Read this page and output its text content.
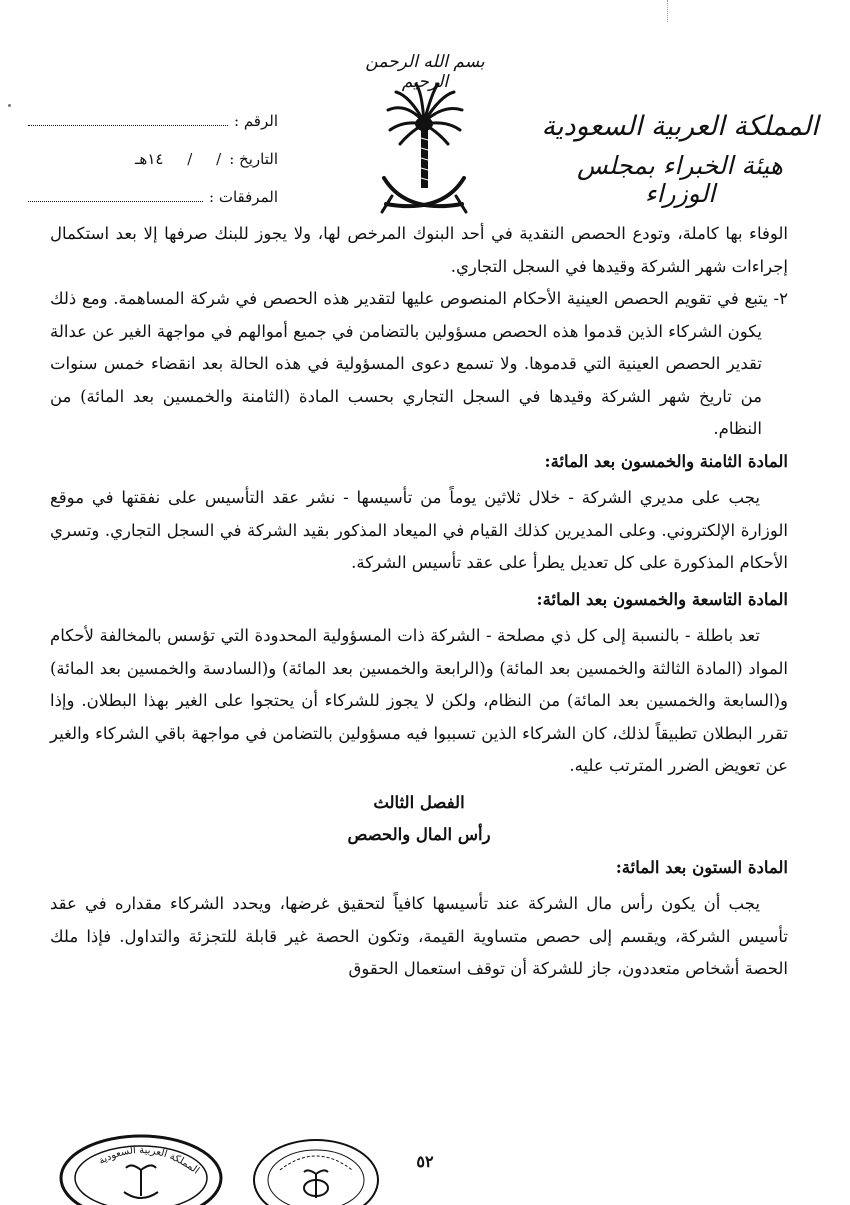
بسم الله الرحمن الرحيم
المملكة العربية السعودية
هيئة الخبراء بمجلس الوزراء
الرقم :
التاريخ :
/     /     ١٤هـ
المرفقات :

الوفاء بها كاملة، وتودع الحصص النقدية في أحد البنوك المرخص لها، ولا يجوز للبنك صرفها إلا بعد استكمال إجراءات شهر الشركة وقيدها في السجل التجاري.

٢- يتبع في تقويم الحصص العينية الأحكام المنصوص عليها لتقدير هذه الحصص في شركة المساهمة. ومع ذلك يكون الشركاء الذين قدموا هذه الحصص مسؤولين بالتضامن في جميع أموالهم في مواجهة الغير عن عدالة تقدير الحصص العينية التي قدموها. ولا تسمع دعوى المسؤولية في هذه الحالة بعد انقضاء خمس سنوات من تاريخ شهر الشركة وقيدها في السجل التجاري بحسب المادة (الثامنة والخمسين بعد المائة) من النظام.

المادة الثامنة والخمسون بعد المائة:

يجب على مديري الشركة - خلال ثلاثين يوماً من تأسيسها - نشر عقد التأسيس على نفقتها في موقع الوزارة الإلكتروني. وعلى المديرين كذلك القيام في الميعاد المذكور بقيد الشركة في السجل التجاري. وتسري الأحكام المذكورة على كل تعديل يطرأ على عقد تأسيس الشركة.

المادة التاسعة والخمسون بعد المائة:

تعد باطلة - بالنسبة إلى كل ذي مصلحة - الشركة ذات المسؤولية المحدودة التي تؤسس بالمخالفة لأحكام المواد (المادة الثالثة والخمسين بعد المائة) و(الرابعة والخمسين بعد المائة) و(السادسة والخمسين بعد المائة) و(السابعة والخمسين بعد المائة) من النظام، ولكن لا يجوز للشركاء أن يحتجوا على الغير بهذا البطلان. وإذا تقرر البطلان تطبيقاً لذلك، كان الشركاء الذين تسببوا فيه مسؤولين بالتضامن في مواجهة باقي الشركاء والغير عن تعويض الضرر المترتب عليه.

الفصل الثالث

رأس المال والحصص

المادة الستون بعد المائة:

يجب أن يكون رأس مال الشركة عند تأسيسها كافياً لتحقيق غرضها، ويحدد الشركاء مقداره في عقد تأسيس الشركة، ويقسم إلى حصص متساوية القيمة، وتكون الحصة غير قابلة للتجزئة والتداول. فإذا ملك الحصة أشخاص متعددون، جاز للشركة أن توقف استعمال الحقوق

٥٢
المملكة العربية السعودية
